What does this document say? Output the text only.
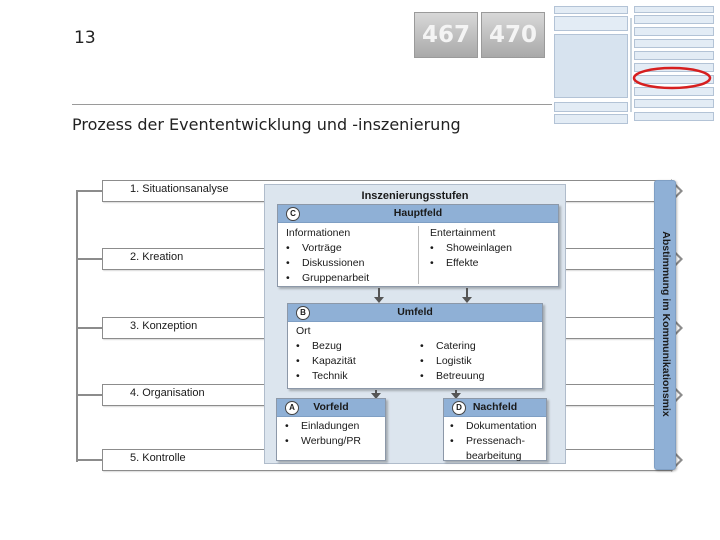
13	467 470
Prozess der Evententwicklung und -inszenierung
1. Situationsanalyse
2. Kreation
3. Konzeption
4. Organisation
5. Kontrolle
Inszenierungsstufen
Hauptfeld
C
Informationen
• Vorträge
• Diskussionen
• Gruppenarbeit
Entertainment
• Showeinlagen
• Effekte
Umfeld
B
Ort
• Bezug
• Kapazität
• Technik
• Catering
• Logistik
• Betreuung
Vorfeld
A
• Einladungen
• Werbung/PR
Nachfeld
D
• Dokumentation
• Pressenach-
bearbeitung
Abstimmung im Kommunikationsmix
